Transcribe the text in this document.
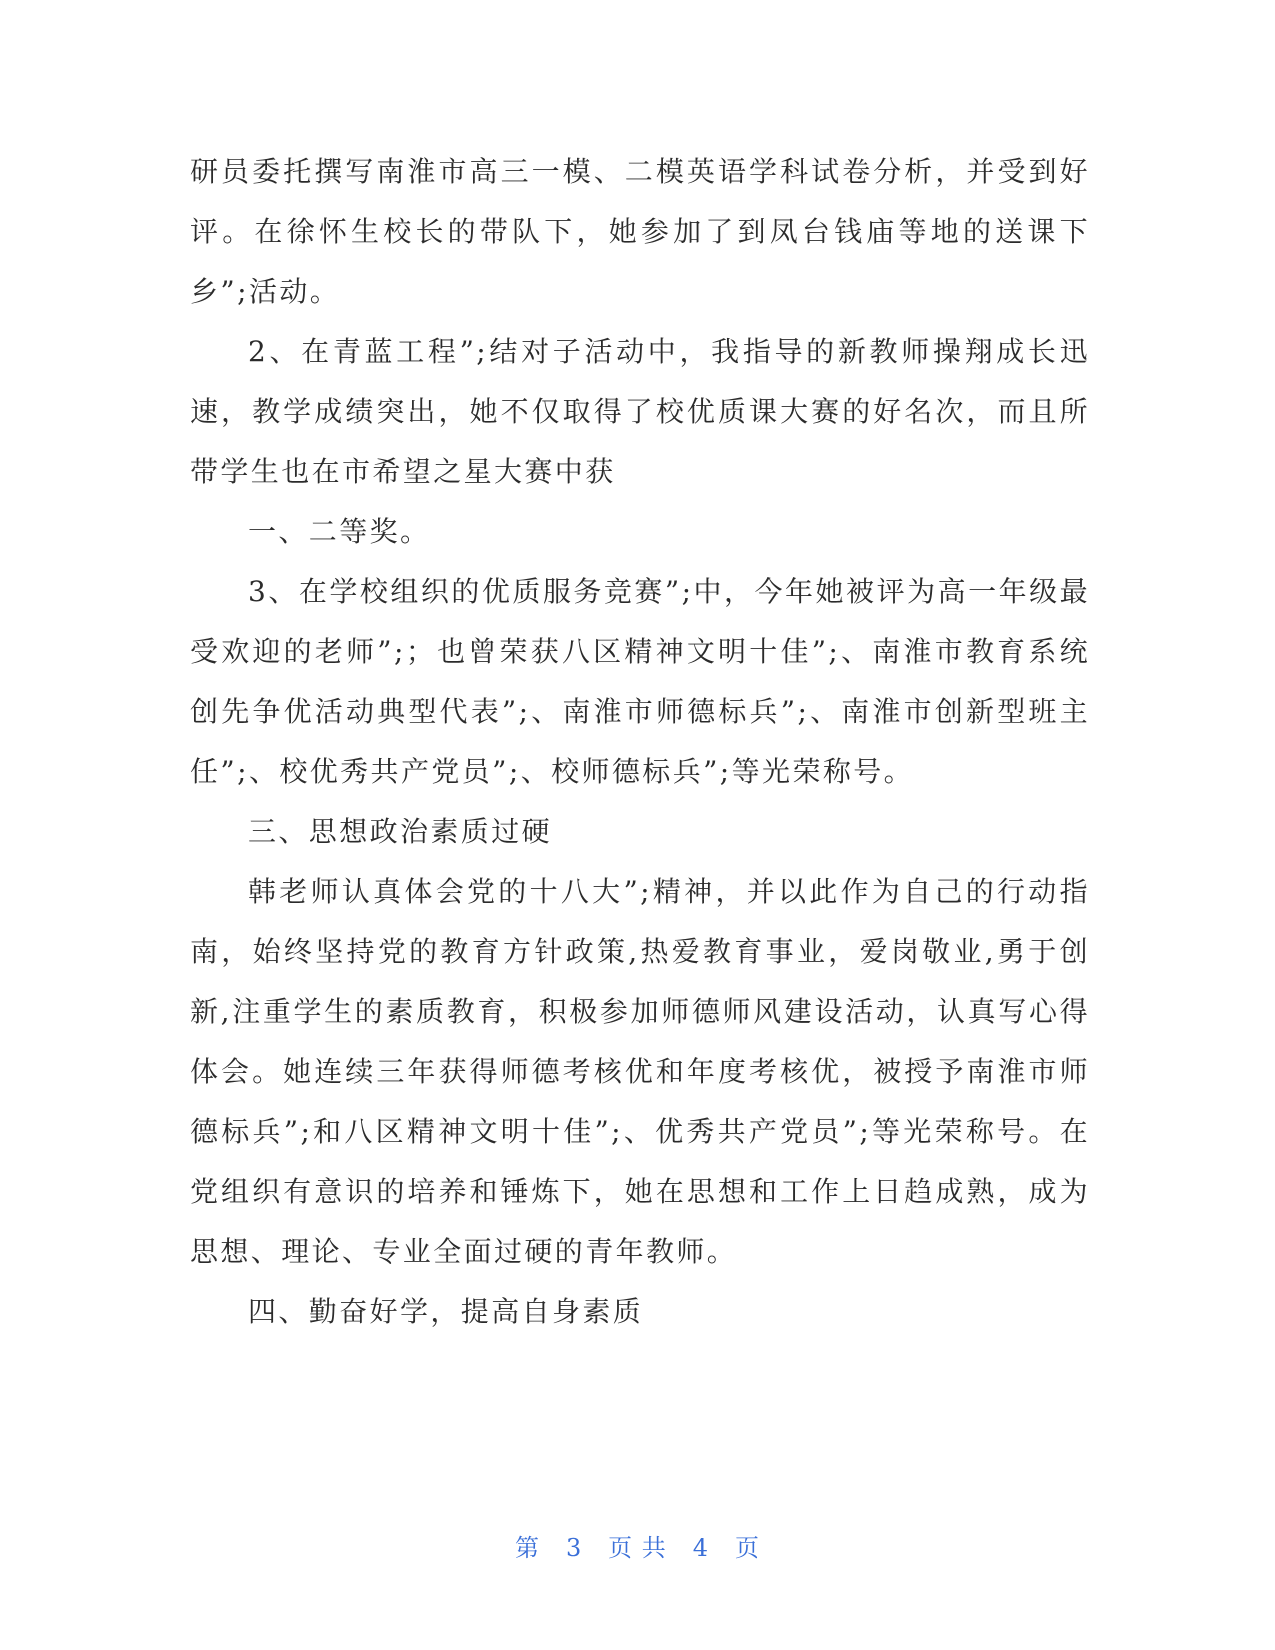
研员委托撰写南淮市高三一模、二模英语学科试卷分析，并受到好评。在徐怀生校长的带队下，她参加了到凤台钱庙等地的送课下乡”;活动。

2、在青蓝工程”;结对子活动中，我指导的新教师操翔成长迅速，教学成绩突出，她不仅取得了校优质课大赛的好名次，而且所带学生也在市希望之星大赛中获

一、二等奖。

3、在学校组织的优质服务竞赛”;中，今年她被评为高一年级最受欢迎的老师”;；也曾荣获八区精神文明十佳”;、南淮市教育系统创先争优活动典型代表”;、南淮市师德标兵”;、南淮市创新型班主任”;、校优秀共产党员”;、校师德标兵”;等光荣称号。

三、思想政治素质过硬

韩老师认真体会党的十八大”;精神，并以此作为自己的行动指南，始终坚持党的教育方针政策,热爱教育事业，爱岗敬业,勇于创新,注重学生的素质教育，积极参加师德师风建设活动，认真写心得体会。她连续三年获得师德考核优和年度考核优，被授予南淮市师德标兵”;和八区精神文明十佳”;、优秀共产党员”;等光荣称号。在党组织有意识的培养和锤炼下，她在思想和工作上日趋成熟，成为思想、理论、专业全面过硬的青年教师。

四、勤奋好学，提高自身素质

第 3 页 共 4 页
